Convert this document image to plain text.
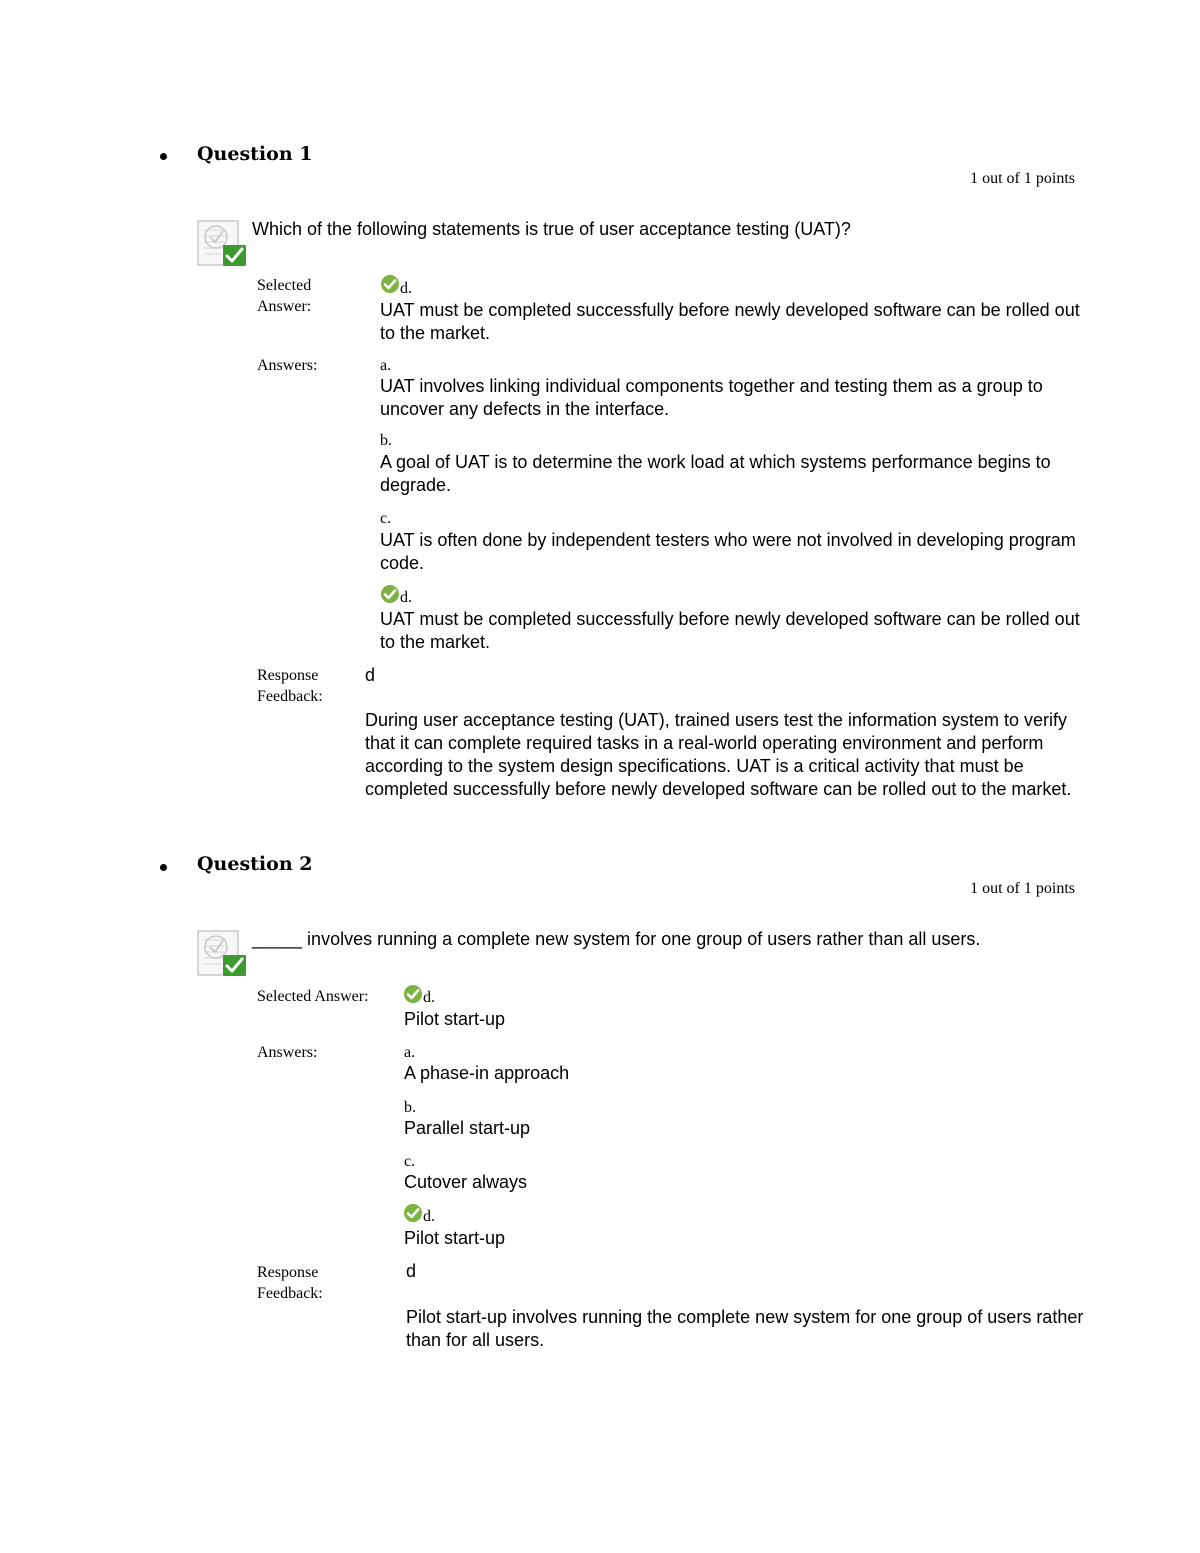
Question 1
1 out of 1 points
Which of the following statements is true of user acceptance testing (UAT)?
Selected Answer:
d.
UAT must be completed successfully before newly developed software can be rolled out to the market.
Answers:	a.
UAT involves linking individual components together and testing them as a group to uncover any defects in the interface.
b.
A goal of UAT is to determine the work load at which systems performance begins to degrade.
c.
UAT is often done by independent testers who were not involved in developing program code.
d.
UAT must be completed successfully before newly developed software can be rolled out to the market.
Response Feedback:
d
During user acceptance testing (UAT), trained users test the information system to verify that it can complete required tasks in a real-world operating environment and perform according to the system design specifications. UAT is a critical activity that must be completed successfully before newly developed software can be rolled out to the market.
Question 2
1 out of 1 points
_____ involves running a complete new system for one group of users rather than all users.
Selected Answer:	d.
Pilot start-up
Answers:	a.
A phase-in approach
b.
Parallel start-up
c.
Cutover always
d.
Pilot start-up
Response Feedback:
d
Pilot start-up involves running the complete new system for one group of users rather than for all users.
